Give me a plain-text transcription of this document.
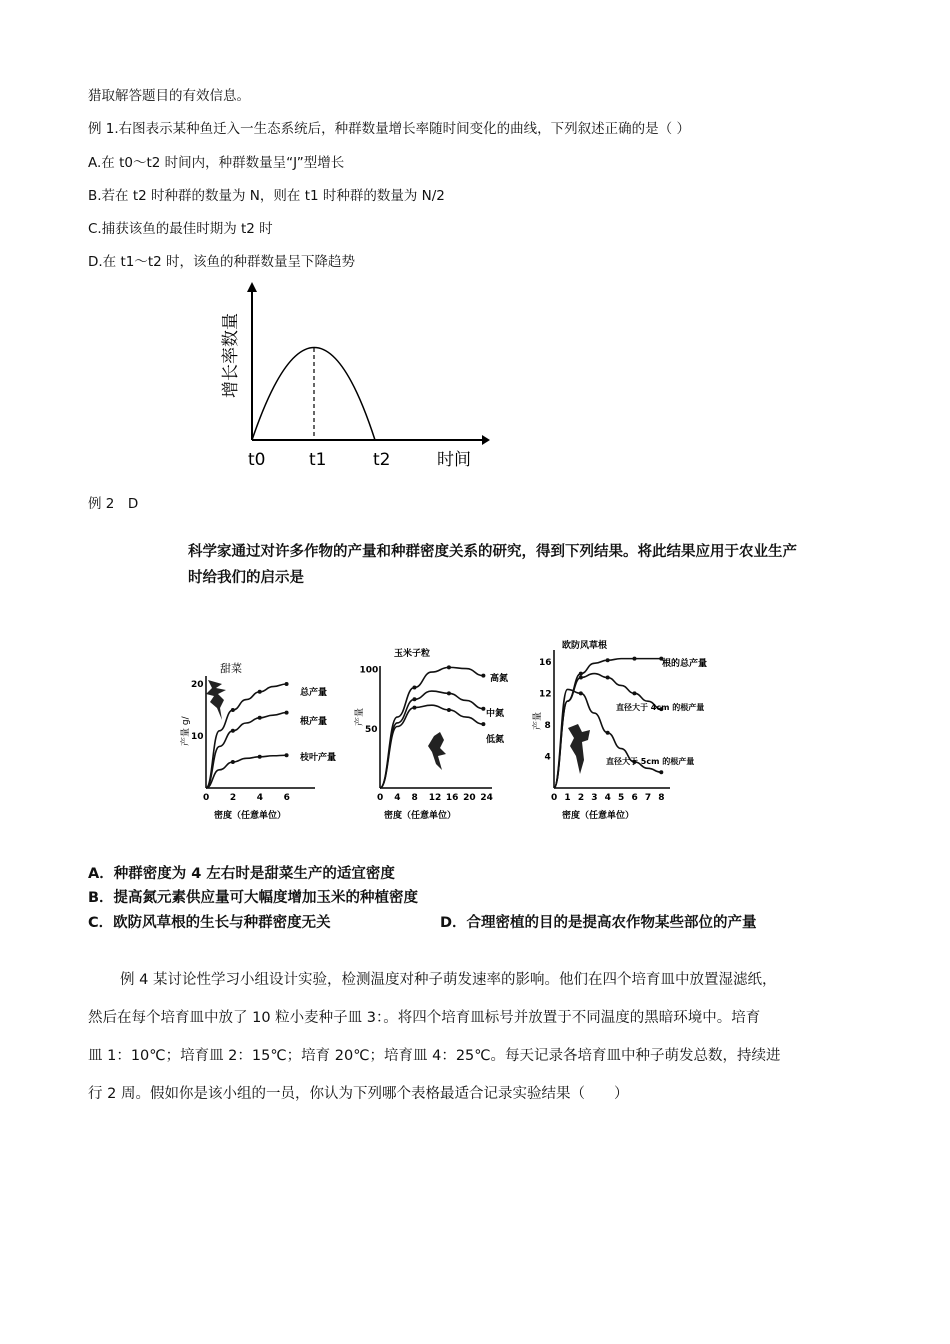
猎取解答题目的有效信息。
例 1.右图表示某种鱼迁入一生态系统后，种群数量增长率随时间变化的曲线，下列叙述正确的是（ ）
A.在 t0～t2 时间内，种群数量呈“J”型增长
B.若在 t2 时种群的数量为 N，则在 t1 时种群的数量为 N/2
C.捕获该鱼的最佳时期为 t2 时
D.在 t1～t2 时，该鱼的种群数量呈下降趋势
增长率数量
t0	t1	t2	时间
例 2　D
科学家通过对许多作物的产量和种群密度关系的研究，得到下列结果。将此结果应用于农业生产
时给我们的启示是
0 2 4 6
10
20
甜菜
产量 g/
密度（任意单位）
总产量
根产量
枝叶产量
0 4 8 12 16 20 24
50
100
玉米子粒
产量
密度（任意单位）
高氮
中氮
低氮
0 1 2 3 4 5 6 7 8
4
8
12
16
欧防风草根
产量
密度（任意单位）
根的总产量
直径大于 4cm 的根产量
直径大于 5cm 的根产量
A．种群密度为 4 左右时是甜菜生产的适宜密度
B．提高氮元素供应量可大幅度增加玉米的种植密度
C．欧防风草根的生长与种群密度无关	D．合理密植的目的是提高农作物某些部位的产量
例 4 某讨论性学习小组设计实验，检测温度对种子萌发速率的影响。他们在四个培育皿中放置湿滤纸，
然后在每个培育皿中放了 10 粒小麦种子皿 3：。将四个培育皿标号并放置于不同温度的黑暗环境中。培育
皿 1：10℃；培育皿 2：15℃；培育 20℃；培育皿 4：25℃。每天记录各培育皿中种子萌发总数，持续进
行 2 周。假如你是该小组的一员，你认为下列哪个表格最适合记录实验结果（　　）
